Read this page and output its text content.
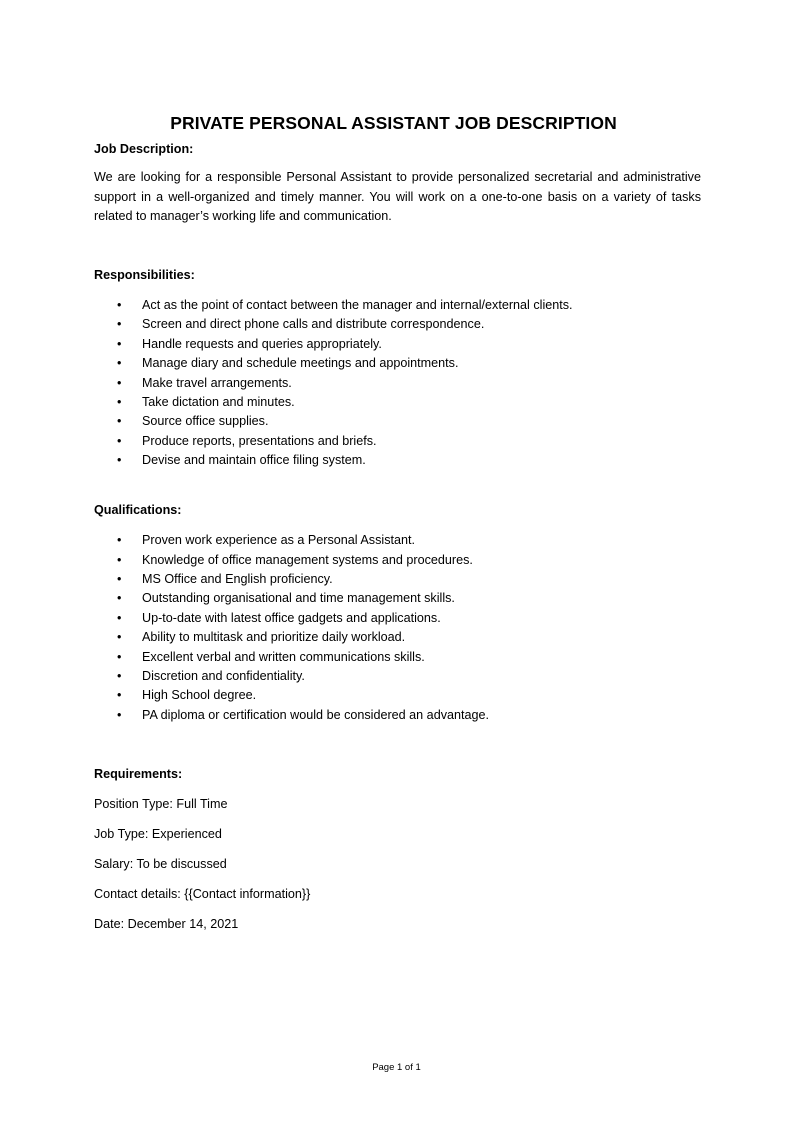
PRIVATE PERSONAL ASSISTANT JOB DESCRIPTION

Job Description:

We are looking for a responsible Personal Assistant to provide personalized secretarial and administrative support in a well-organized and timely manner. You will work on a one-to-one basis on a variety of tasks related to manager’s working life and communication.

Responsibilities:

• Act as the point of contact between the manager and internal/external clients.
• Screen and direct phone calls and distribute correspondence.
• Handle requests and queries appropriately.
• Manage diary and schedule meetings and appointments.
• Make travel arrangements.
• Take dictation and minutes.
• Source office supplies.
• Produce reports, presentations and briefs.
• Devise and maintain office filing system.

Qualifications:

• Proven work experience as a Personal Assistant.
• Knowledge of office management systems and procedures.
• MS Office and English proficiency.
• Outstanding organisational and time management skills.
• Up-to-date with latest office gadgets and applications.
• Ability to multitask and prioritize daily workload.
• Excellent verbal and written communications skills.
• Discretion and confidentiality.
• High School degree.
• PA diploma or certification would be considered an advantage.

Requirements:

Position Type: Full Time

Job Type: Experienced

Salary: To be discussed

Contact details: {{Contact information}}

Date: December 14, 2021

Page 1 of 1
